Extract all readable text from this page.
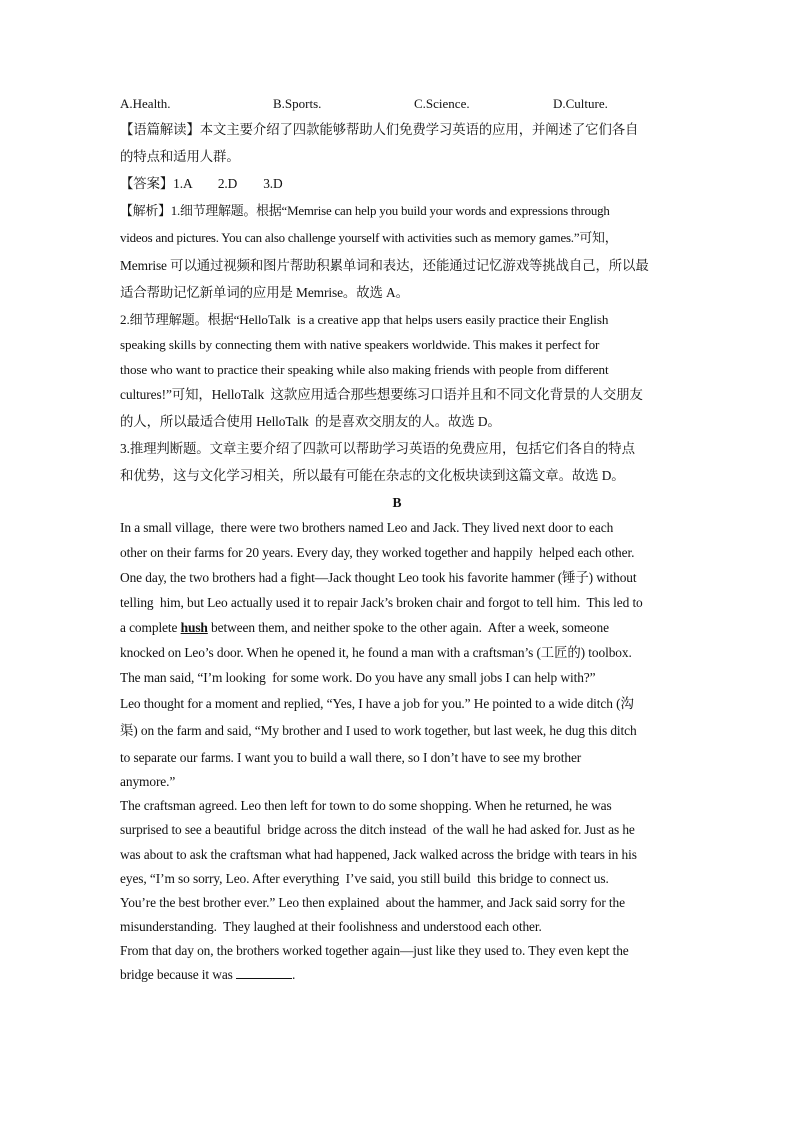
A.Health.	B.Sports.	C.Science.	D.Culture.
【语篇解读】本文主要介绍了四款能够帮助人们免费学习英语的应用，并阐述了它们各自
的特点和适用人群。
【答案】1.A        2.D        3.D
【解析】1.细节理解题。根据“Memrise can help you build your words and expressions through
videos and pictures. You can also challenge yourself with activities such as memory games.”可知，
Memrise 可以通过视频和图片帮助积累单词和表达，还能通过记忆游戏等挑战自己，所以最
适合帮助记忆新单词的应用是 Memrise。故选 A。
2.细节理解题。根据“HelloTalk  is a creative app that helps users easily practice their English
speaking skills by connecting them with native speakers worldwide. This makes it perfect for
those who want to practice their speaking while also making friends with people from different
cultures!”可知，HelloTalk  这款应用适合那些想要练习口语并且和不同文化背景的人交朋友
的人，所以最适合使用 HelloTalk  的是喜欢交朋友的人。故选 D。
3.推理判断题。文章主要介绍了四款可以帮助学习英语的免费应用，包括它们各自的特点
和优势，这与文化学习相关，所以最有可能在杂志的文化板块读到这篇文章。故选 D。
B
In a small village,  there were two brothers named Leo and Jack. They lived next door to each
other on their farms for 20 years. Every day, they worked together and happily  helped each other.
One day, the two brothers had a fight—Jack thought Leo took his favorite hammer (锤子) without
telling  him, but Leo actually used it to repair Jack’s broken chair and forgot to tell him.  This led to
a complete hush between them, and neither spoke to the other again.  After a week, someone
knocked on Leo’s door. When he opened it, he found a man with a craftsman’s (工匠的) toolbox.
The man said, “I’m looking  for some work. Do you have any small jobs I can help with?”
Leo thought for a moment and replied, “Yes, I have a job for you.” He pointed to a wide ditch (沟
渠) on the farm and said, “My brother and I used to work together, but last week, he dug this ditch
to separate our farms. I want you to build a wall there, so I don’t have to see my brother
anymore.”
The craftsman agreed. Leo then left for town to do some shopping. When he returned, he was
surprised to see a beautiful  bridge across the ditch instead  of the wall he had asked for. Just as he
was about to ask the craftsman what had happened, Jack walked across the bridge with tears in his
eyes, “I’m so sorry, Leo. After everything  I’ve said, you still build  this bridge to connect us.
You’re the best brother ever.” Leo then explained  about the hammer, and Jack said sorry for the
misunderstanding.  They laughed at their foolishness and understood each other.
From that day on, the brothers worked together again—just like they used to. They even kept the
bridge because it was	.
